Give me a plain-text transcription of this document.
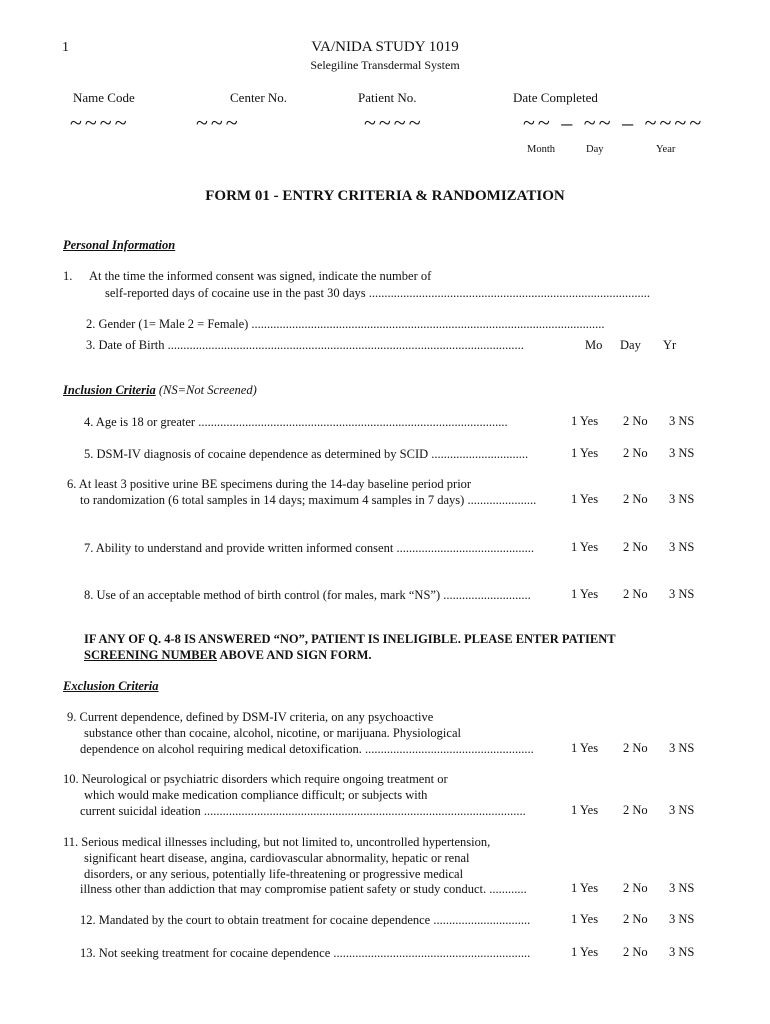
1	VA/NIDA STUDY 1019
Selegiline Transdermal System
Name Code	Center No.	Patient No.	Date Completed
~~~~	~~~	~~~~	~~ – ~~ – ~~~~
Month	Day	Year
FORM 01 - ENTRY CRITERIA & RANDOMIZATION
Personal Information
1. At the time the informed consent was signed, indicate the number of
self-reported days of cocaine use in the past 30 days ..........................................................................................
2. Gender (1= Male 2 = Female) .................................................................................................................
3. Date of Birth ..................................................................................................................	Mo Day Yr
Inclusion Criteria (NS=Not Screened)
4. Age is 18 or greater ...................................................................................................	1 Yes 2 No 3 NS
5. DSM-IV diagnosis of cocaine dependence as determined by SCID ...............................	1 Yes 2 No 3 NS
6. At least 3 positive urine BE specimens during the 14-day baseline period prior
to randomization (6 total samples in 14 days; maximum 4 samples in 7 days) ......................	1 Yes 2 No 3 NS
7. Ability to understand and provide written informed consent ............................................	1 Yes 2 No 3 NS
8. Use of an acceptable method of birth control (for males, mark “NS”) ............................	1 Yes 2 No 3 NS
IF ANY OF Q. 4-8 IS ANSWERED “NO”, PATIENT IS INELIGIBLE. PLEASE ENTER PATIENT
SCREENING NUMBER ABOVE AND SIGN FORM.
Exclusion Criteria
9. Current dependence, defined by DSM-IV criteria, on any psychoactive
substance other than cocaine, alcohol, nicotine, or marijuana. Physiological
dependence on alcohol requiring medical detoxification. ......................................................	1 Yes 2 No 3 NS
10. Neurological or psychiatric disorders which require ongoing treatment or
which would make medication compliance difficult; or subjects with
current suicidal ideation .......................................................................................................	1 Yes 2 No 3 NS
11. Serious medical illnesses including, but not limited to, uncontrolled hypertension,
significant heart disease, angina, cardiovascular abnormality, hepatic or renal
disorders, or any serious, potentially life-threatening or progressive medical
illness other than addiction that may compromise patient safety or study conduct. ............	1 Yes 2 No 3 NS
12. Mandated by the court to obtain treatment for cocaine dependence ...............................	1 Yes 2 No 3 NS
13. Not seeking treatment for cocaine dependence ...............................................................	1 Yes 2 No 3 NS
